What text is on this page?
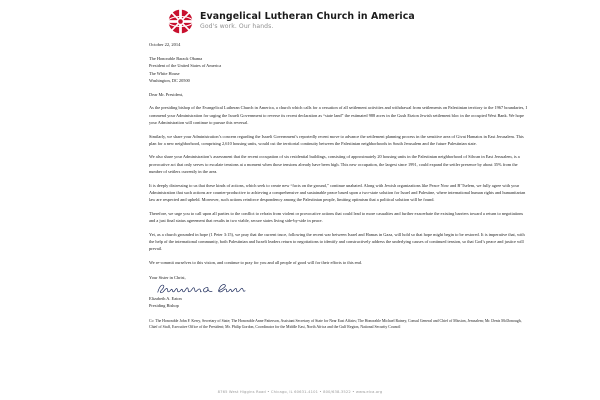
Evangelical Lutheran Church in America
God's work. Our hands.
October 22, 2014
The Honorable Barack Obama
President of the United States of America
The White House
Washington, DC 20500
Dear Mr. President,

As the presiding bishop of the Evangelical Lutheran Church in America, a church which calls for a cessation of all settlement activities and withdrawal from settlements on Palestinian territory to the 1967 boundaries, I commend your Administration for urging the Israeli Government to reverse its recent declaration as “state land” the estimated 988 acres in the Gush Etzion Jewish settlement bloc in the occupied West Bank. We hope your Administration will continue to pursue this reversal.

Similarly, we share your Administration’s concern regarding the Israeli Government’s reportedly recent move to advance the settlement planning process in the sensitive area of Givat Hamatos in East Jerusalem. This plan for a new neighborhood, comprising 2,610 housing units, would cut the territorial continuity between the Palestinian neighborhoods in South Jerusalem and the future Palestinian state.

We also share your Administration’s assessment that the recent occupation of six residential buildings, consisting of approximately 20 housing units in the Palestinian neighborhood of Silwan in East Jerusalem, is a provocative act that only serves to escalate tensions at a moment when those tensions already have been high. This new occupation, the largest since 1991, could expand the settler presence by about 35% from the number of settlers currently in the area.

It is deeply distressing to us that these kinds of actions, which seek to create new “facts on the ground,” continue unabated. Along with Jewish organizations like Peace Now and B’Tselem, we fully agree with your Administration that such actions are counter-productive to achieving a comprehensive and sustainable peace based upon a two-state solution for Israel and Palestine, where international human rights and humanitarian law are respected and upheld. Moreover, such actions reinforce despondency among the Palestinian people, limiting optimism that a political solution will be found.

Therefore, we urge you to call upon all parties to the conflict to refrain from violent or provocative actions that could lead to more casualties and further exacerbate the existing barriers toward a return to negotiations and a just final status agreement that results in two viable, secure states living side-by-side in peace.

Yet, as a church grounded in hope (1 Peter 3:15), we pray that the current truce, following the recent war between Israel and Hamas in Gaza, will hold so that hope might begin to be restored. It is imperative that, with the help of the international community, both Palestinian and Israeli leaders return to negotiations to identify and constructively address the underlying causes of continued tension, so that God’s peace and justice will prevail.

We re-commit ourselves to this vision, and continue to pray for you and all people of good will for their efforts to this end.

Your Sister in Christ,
Elizabeth A. Eaton
Presiding Bishop
Cc: The Honorable John F. Kerry, Secretary of State; The Honorable Anne Patterson, Assistant Secretary of State for Near East Affairs; The Honorable Michael Ratney, Consul General and Chief of Mission, Jerusalem; Mr. Denis McDonough, Chief of Staff, Executive Office of the President; Mr. Philip Gordon, Coordinator for the Middle East, North Africa and the Gulf Region, National Security Council
8765 West Higgins Road • Chicago, IL 60631-4101 • 800/638-3522 • www.elca.org
